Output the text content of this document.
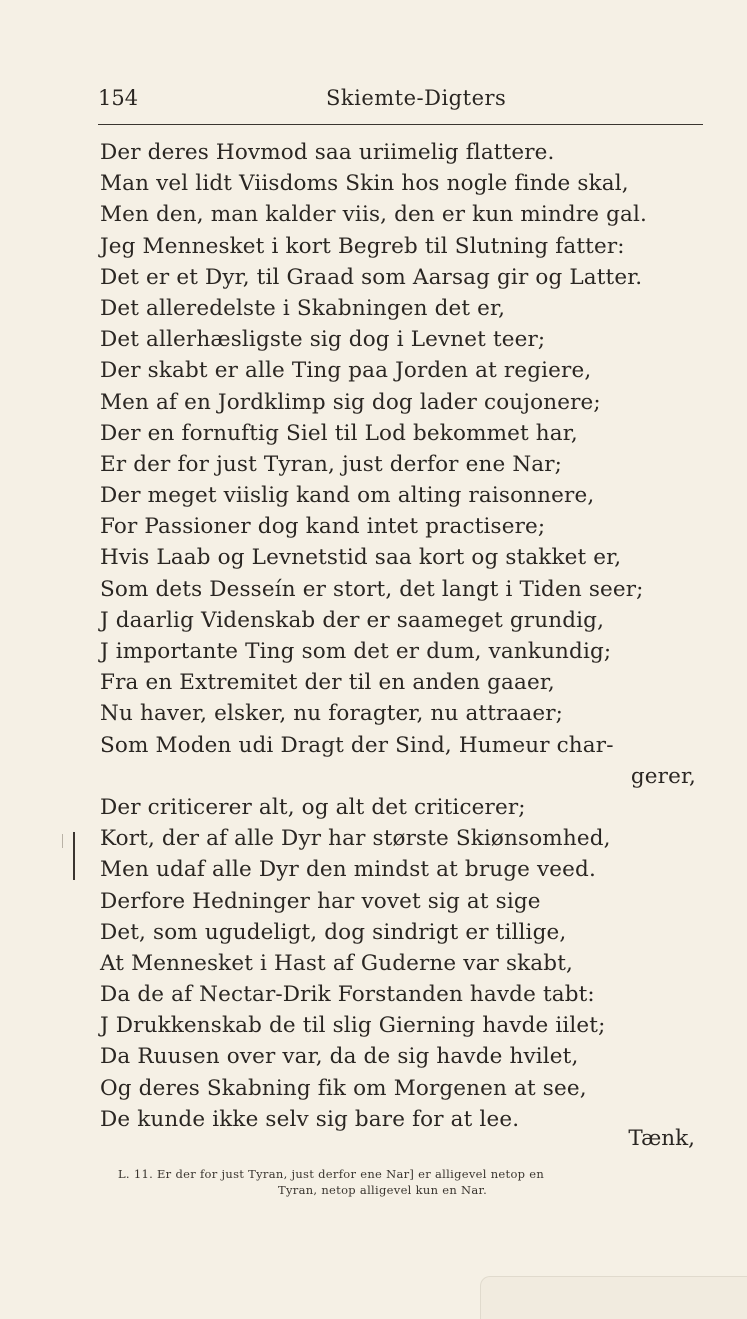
154	Skiemte-Digters
Der deres Hovmod saa uriimelig flattere.
Man vel lidt Viisdoms Skin hos nogle finde skal,
Men den, man kalder viis, den er kun mindre gal.
Jeg Mennesket i kort Begreb til Slutning fatter:
Det er et Dyr, til Graad som Aarsag gir og Latter.
Det alleredelste i Skabningen det er,
Det allerhæsligste sig dog i Levnet teer;
Der skabt er alle Ting paa Jorden at regiere,
Men af en Jordklimp sig dog lader coujonere;
Der en fornuftig Siel til Lod bekommet har,
Er der for just Tyran, just derfor ene Nar;
Der meget viislig kand om alting raisonnere,
For Passioner dog kand intet practisere;
Hvis Laab og Levnetstid saa kort og stakket er,
Som dets Desseín er stort, det langt i Tiden seer;
J daarlig Videnskab der er saameget grundig,
J importante Ting som det er dum, vankundig;
Fra en Extremitet der til en anden gaaer,
Nu haver, elsker, nu foragter, nu attraaer;
Som Moden udi Dragt der Sind, Humeur char-
gerer,
Der criticerer alt, og alt det criticerer;
Kort, der af alle Dyr har største Skiønsomhed,
Men udaf alle Dyr den mindst at bruge veed.
Derfore Hedninger har vovet sig at sige
Det, som ugudeligt, dog sindrigt er tillige,
At Mennesket i Hast af Guderne var skabt,
Da de af Nectar-Drik Forstanden havde tabt:
J Drukkenskab de til slig Gierning havde iilet;
Da Ruusen over var, da de sig havde hvilet,
Og deres Skabning fik om Morgenen at see,
De kunde ikke selv sig bare for at lee.
Tænk,
L. 11. Er der for just Tyran, just derfor ene Nar] er alligevel netop en
Tyran, netop alligevel kun en Nar.
